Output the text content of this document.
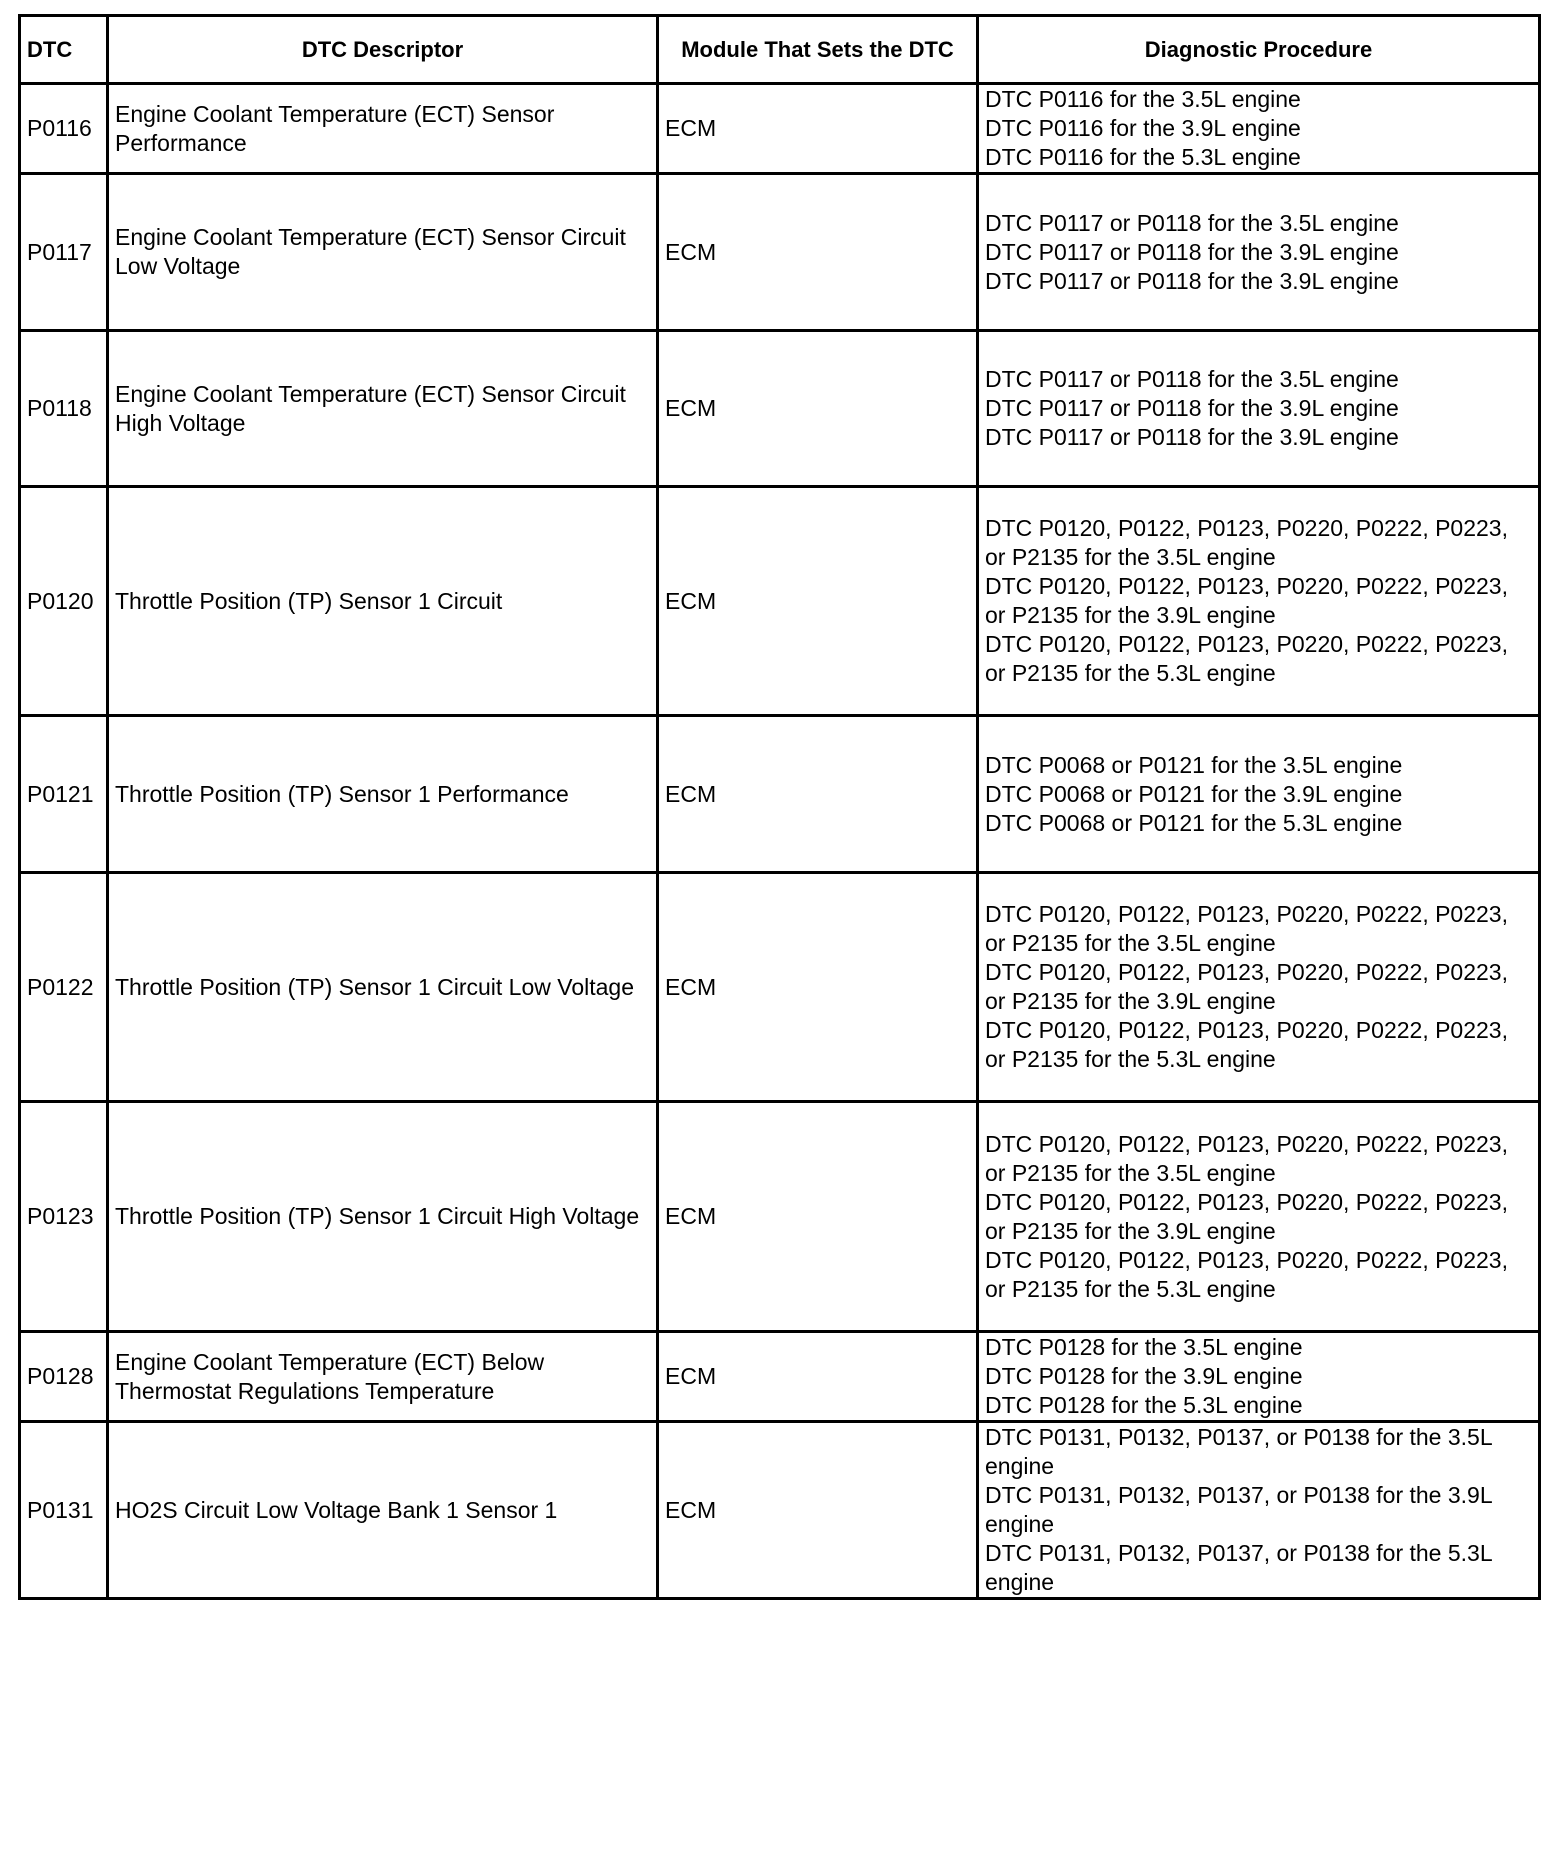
DTC	DTC Descriptor	Module That Sets the DTC	Diagnostic Procedure
P0116	Engine Coolant Temperature (ECT) Sensor Performance	ECM	DTC P0116 for the 3.5L engine
DTC P0116 for the 3.9L engine
DTC P0116 for the 5.3L engine

P0117	Engine Coolant Temperature (ECT) Sensor Circuit Low Voltage	ECM	DTC P0117 or P0118 for the 3.5L engine
DTC P0117 or P0118 for the 3.9L engine
DTC P0117 or P0118 for the 3.9L engine

P0118	Engine Coolant Temperature (ECT) Sensor Circuit High Voltage	ECM	DTC P0117 or P0118 for the 3.5L engine
DTC P0117 or P0118 for the 3.9L engine
DTC P0117 or P0118 for the 3.9L engine

P0120	Throttle Position (TP) Sensor 1 Circuit	ECM	DTC P0120, P0122, P0123, P0220, P0222, P0223, or P2135 for the 3.5L engine
DTC P0120, P0122, P0123, P0220, P0222, P0223, or P2135 for the 3.9L engine
DTC P0120, P0122, P0123, P0220, P0222, P0223, or P2135 for the 5.3L engine

P0121	Throttle Position (TP) Sensor 1 Performance	ECM	DTC P0068 or P0121 for the 3.5L engine
DTC P0068 or P0121 for the 3.9L engine
DTC P0068 or P0121 for the 5.3L engine

P0122	Throttle Position (TP) Sensor 1 Circuit Low Voltage	ECM	DTC P0120, P0122, P0123, P0220, P0222, P0223, or P2135 for the 3.5L engine
DTC P0120, P0122, P0123, P0220, P0222, P0223, or P2135 for the 3.9L engine
DTC P0120, P0122, P0123, P0220, P0222, P0223, or P2135 for the 5.3L engine

P0123	Throttle Position (TP) Sensor 1 Circuit High Voltage	ECM	DTC P0120, P0122, P0123, P0220, P0222, P0223, or P2135 for the 3.5L engine
DTC P0120, P0122, P0123, P0220, P0222, P0223, or P2135 for the 3.9L engine
DTC P0120, P0122, P0123, P0220, P0222, P0223, or P2135 for the 5.3L engine

P0128	Engine Coolant Temperature (ECT) Below Thermostat Regulations Temperature	ECM	DTC P0128 for the 3.5L engine
DTC P0128 for the 3.9L engine
DTC P0128 for the 5.3L engine

P0131	HO2S Circuit Low Voltage Bank 1 Sensor 1	ECM	DTC P0131, P0132, P0137, or P0138 for the 3.5L engine
DTC P0131, P0132, P0137, or P0138 for the 3.9L engine
DTC P0131, P0132, P0137, or P0138 for the 5.3L engine
